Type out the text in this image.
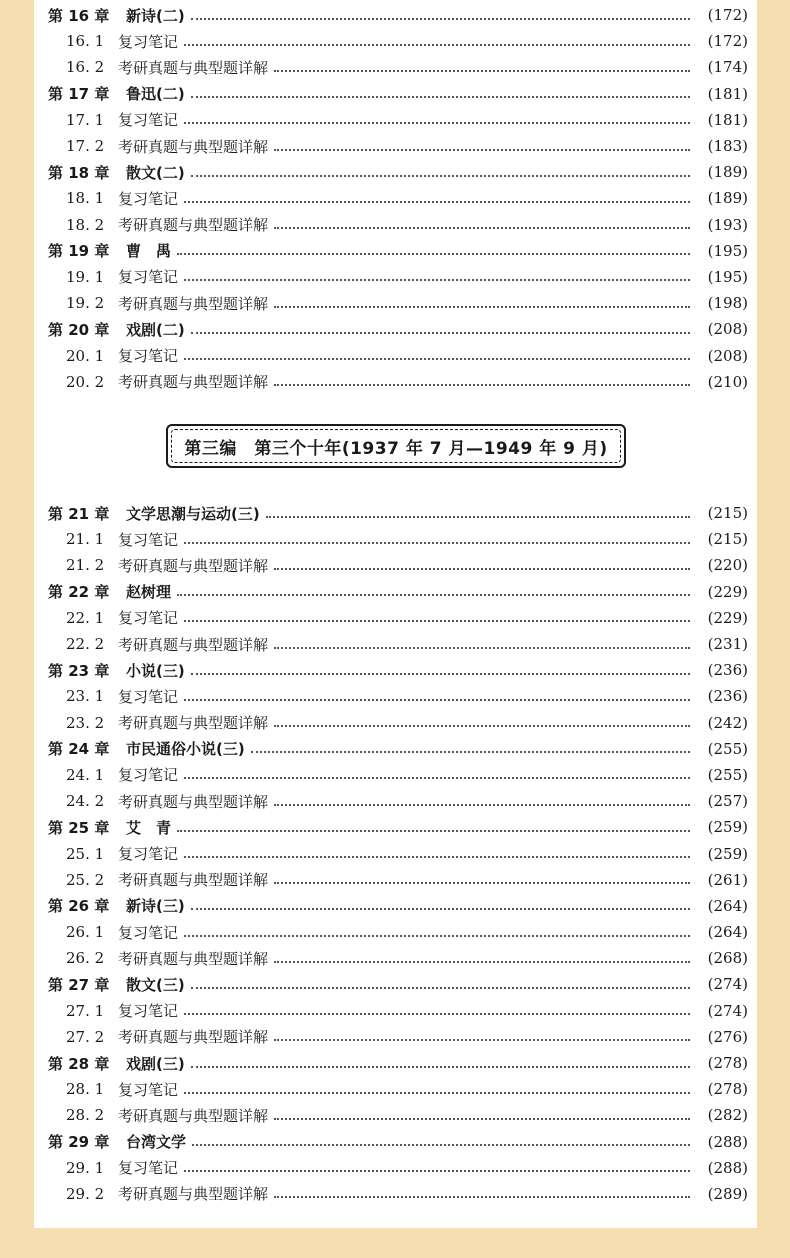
第 16 章	新诗(二)	(172)
16. 1 复习笔记	(172)
16. 2 考研真题与典型题详解	(174)
第 17 章	鲁迅(二)	(181)
17. 1 复习笔记	(181)
17. 2 考研真题与典型题详解	(183)
第 18 章	散文(二)	(189)
18. 1 复习笔记	(189)
18. 2 考研真题与典型题详解	(193)
第 19 章	曹　禺	(195)
19. 1 复习笔记	(195)
19. 2 考研真题与典型题详解	(198)
第 20 章	戏剧(二)	(208)
20. 1 复习笔记	(208)
20. 2 考研真题与典型题详解	(210)
第三编　第三个十年(1937 年 7 月—1949 年 9 月)
第 21 章	文学思潮与运动(三)	(215)
21. 1 复习笔记	(215)
21. 2 考研真题与典型题详解	(220)
第 22 章	赵树理	(229)
22. 1 复习笔记	(229)
22. 2 考研真题与典型题详解	(231)
第 23 章	小说(三)	(236)
23. 1 复习笔记	(236)
23. 2 考研真题与典型题详解	(242)
第 24 章	市民通俗小说(三)	(255)
24. 1 复习笔记	(255)
24. 2 考研真题与典型题详解	(257)
第 25 章	艾　青	(259)
25. 1 复习笔记	(259)
25. 2 考研真题与典型题详解	(261)
第 26 章	新诗(三)	(264)
26. 1 复习笔记	(264)
26. 2 考研真题与典型题详解	(268)
第 27 章	散文(三)	(274)
27. 1 复习笔记	(274)
27. 2 考研真题与典型题详解	(276)
第 28 章	戏剧(三)	(278)
28. 1 复习笔记	(278)
28. 2 考研真题与典型题详解	(282)
第 29 章	台湾文学	(288)
29. 1 复习笔记	(288)
29. 2 考研真题与典型题详解	(289)
